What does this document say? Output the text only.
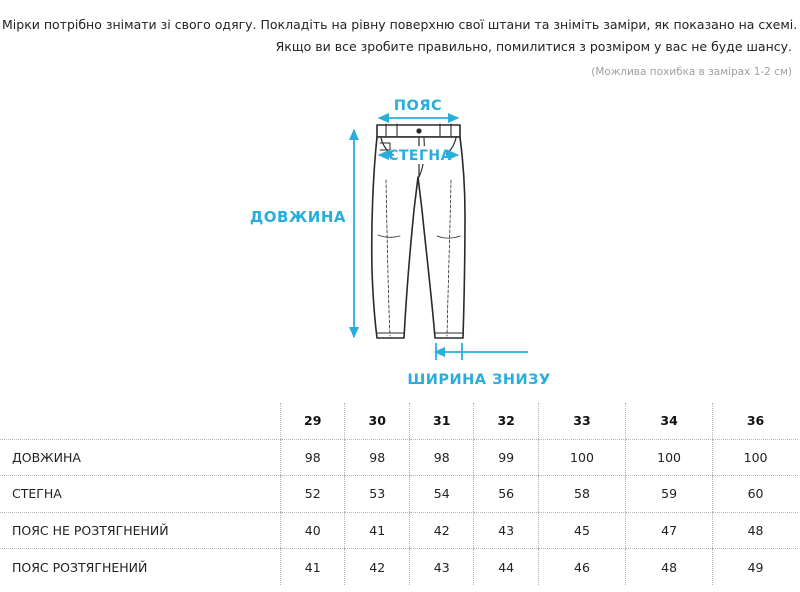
Мірки потрібно знімати зі свого одягу. Покладіть на рівну поверхню свої штани та зніміть заміри, як показано на схемі.
Якщо ви все зробите правильно, помилитися з розміром у вас не буде шансу.
(Можлива похибка в замірах 1-2 см)
ПОЯС
СТЕГНА
ДОВЖИНА
ШИРИНА ЗНИЗУ
	29	30	31	32	33	34	36
ДОВЖИНА	98	98	98	99	100	100	100
СТЕГНА	52	53	54	56	58	59	60
ПОЯС НЕ РОЗТЯГНЕНИЙ	40	41	42	43	45	47	48
ПОЯС РОЗТЯГНЕНИЙ	41	42	43	44	46	48	49
